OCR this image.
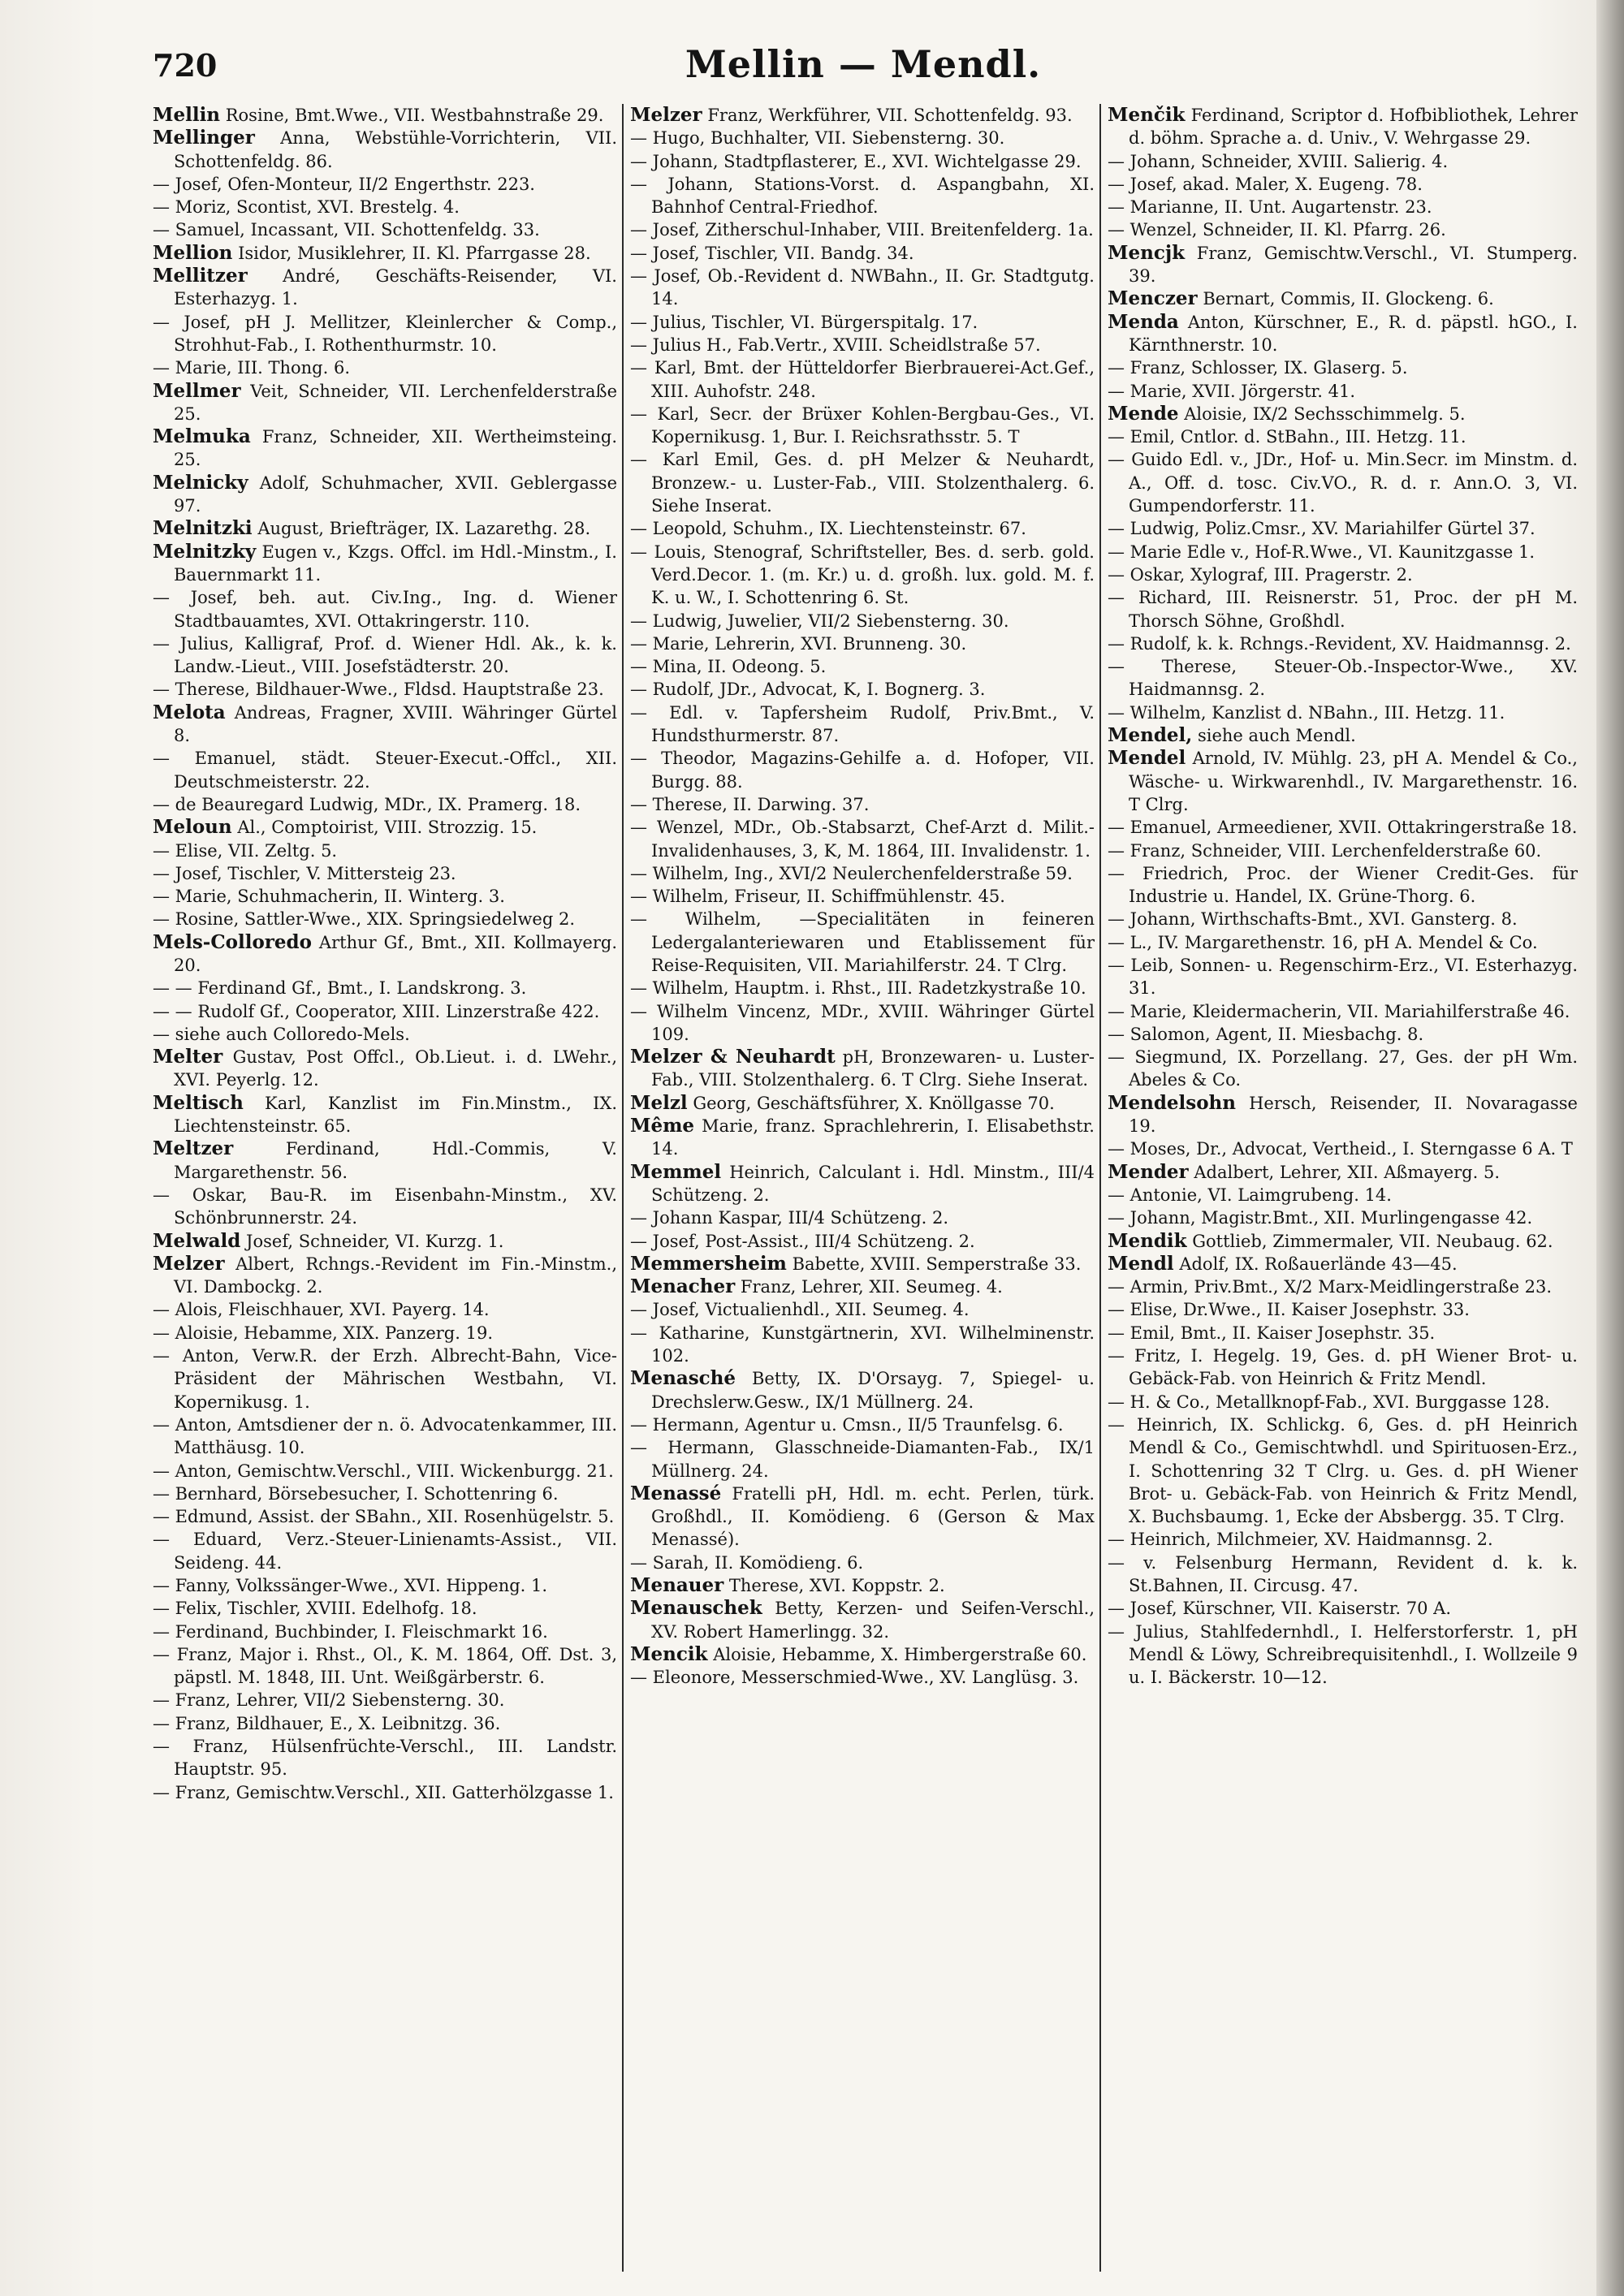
720	Mellin — Mendl.

Mellin Rosine, Bmt.Wwe., VII. Westbahnstraße 29.

Mellinger Anna, Webstühle-Vorrichterin, VII. Schottenfeldg. 86.

— Josef, Ofen-Monteur, II/2 Engerthstr. 223.

— Moriz, Scontist, XVI. Brestelg. 4.

— Samuel, Incassant, VII. Schottenfeldg. 33.

Mellion Isidor, Musiklehrer, II. Kl. Pfarrgasse 28.

Mellitzer André, Geschäfts-Reisender, VI. Esterhazyg. 1.

— Josef, pH J. Mellitzer, Kleinlercher & Comp., Strohhut-Fab., I. Rothenthurmstr. 10.

— Marie, III. Thong. 6.

Mellmer Veit, Schneider, VII. Lerchenfelderstraße 25.

Melmuka Franz, Schneider, XII. Wertheimsteing. 25.

Melnicky Adolf, Schuhmacher, XVII. Geblergasse 97.

Melnitzki August, Briefträger, IX. Lazarethg. 28.

Melnitzky Eugen v., Kzgs. Offcl. im Hdl.-Minstm., I. Bauernmarkt 11.

— Josef, beh. aut. Civ.Ing., Ing. d. Wiener Stadtbauamtes, XVI. Ottakringerstr. 110.

— Julius, Kalligraf, Prof. d. Wiener Hdl. Ak., k. k. Landw.-Lieut., VIII. Josefstädterstr. 20.

— Therese, Bildhauer-Wwe., Fldsd. Hauptstraße 23.

Melota Andreas, Fragner, XVIII. Währinger Gürtel 8.

— Emanuel, städt. Steuer-Execut.-Offcl., XII. Deutschmeisterstr. 22.

— de Beauregard Ludwig, MDr., IX. Pramerg. 18.

Meloun Al., Comptoirist, VIII. Strozzig. 15.

— Elise, VII. Zeltg. 5.

— Josef, Tischler, V. Mittersteig 23.

— Marie, Schuhmacherin, II. Winterg. 3.

— Rosine, Sattler-Wwe., XIX. Springsiedelweg 2.

Mels-Colloredo Arthur Gf., Bmt., XII. Kollmayerg. 20.

— — Ferdinand Gf., Bmt., I. Landskrong. 3.

— — Rudolf Gf., Cooperator, XIII. Linzerstraße 422.

— siehe auch Colloredo-Mels.

Melter Gustav, Post Offcl., Ob.Lieut. i. d. LWehr., XVI. Peyerlg. 12.

Meltisch Karl, Kanzlist im Fin.Minstm., IX. Liechtensteinstr. 65.

Meltzer	Ferdinand, Hdl.-Commis, V. Margarethenstr. 56.

— Oskar, Bau-R. im Eisenbahn-Minstm., XV. Schönbrunnerstr. 24.

Melwald Josef, Schneider, VI. Kurzg. 1.

Melzer Albert, Rchngs.-Revident im Fin.-Minstm., VI. Dambockg. 2.

— Alois, Fleischhauer, XVI. Payerg. 14.

— Aloisie, Hebamme, XIX. Panzerg. 19.

— Anton, Verw.R. der Erzh. Albrecht-Bahn, Vice-Präsident der Mährischen Westbahn, VI. Kopernikusg. 1.

— Anton, Amtsdiener der n. ö. Advocatenkammer, III. Matthäusg. 10.

— Anton, Gemischtw.Verschl., VIII. Wickenburgg. 21.

— Bernhard, Börsebesucher, I. Schottenring 6.

— Edmund, Assist. der SBahn., XII. Rosenhügelstr. 5.

— Eduard, Verz.-Steuer-Linienamts-Assist., VII. Seideng. 44.

— Fanny, Volkssänger-Wwe., XVI. Hippeng. 1.

— Felix, Tischler, XVIII. Edelhofg. 18.

— Ferdinand, Buchbinder, I. Fleischmarkt 16.

— Franz, Major i. Rhst., Ol., K. M. 1864, Off. Dst. 3, päpstl. M. 1848, III. Unt. Weißgärberstr. 6.

— Franz, Lehrer, VII/2 Siebensterng. 30.

— Franz, Bildhauer, E., X. Leibnitzg. 36.

— Franz, Hülsenfrüchte-Verschl., III. Landstr. Hauptstr. 95.

— Franz, Gemischtw.Verschl., XII. Gatterhölzgasse 1.

Melzer Franz, Werkführer, VII. Schottenfeldg. 93.

— Hugo, Buchhalter, VII. Siebensterng. 30.

— Johann, Stadtpflasterer, E., XVI. Wichtelgasse 29.

— Johann, Stations-Vorst. d. Aspangbahn, XI. Bahnhof Central-Friedhof.

— Josef, Zitherschul-Inhaber, VIII. Breitenfelderg. 1a.

— Josef, Tischler, VII. Bandg. 34.

— Josef, Ob.-Revident d. NWBahn., II. Gr. Stadtgutg. 14.

— Julius, Tischler, VI. Bürgerspitalg. 17.

— Julius H., Fab.Vertr., XVIII. Scheidlstraße 57.

— Karl, Bmt. der Hütteldorfer Bierbrauerei-Act.Gef., XIII. Auhofstr. 248.

— Karl, Secr. der Brüxer Kohlen-Bergbau-Ges., VI. Kopernikusg. 1, Bur. I. Reichsrathsstr. 5. T

— Karl Emil, Ges. d. pH Melzer & Neuhardt, Bronzew.- u. Luster-Fab., VIII. Stolzenthalerg. 6. Siehe Inserat.

— Leopold, Schuhm., IX. Liechtensteinstr. 67.

— Louis, Stenograf, Schriftsteller, Bes. d. serb. gold. Verd.Decor. 1. (m. Kr.) u. d. großh. lux. gold. M. f. K. u. W., I. Schottenring 6. St.

— Ludwig, Juwelier, VII/2 Siebensterng. 30.

— Marie, Lehrerin, XVI. Brunneng. 30.

— Mina, II. Odeong. 5.

— Rudolf, JDr., Advocat, K, I. Bognerg. 3.

— Edl. v. Tapfersheim Rudolf, Priv.Bmt., V. Hundsthurmerstr. 87.

— Theodor, Magazins-Gehilfe a. d. Hofoper, VII. Burgg. 88.

— Therese, II. Darwing. 37.

— Wenzel, MDr., Ob.-Stabsarzt, Chef-Arzt d. Milit.-Invalidenhauses, 3, K, M. 1864, III. Invalidenstr. 1.

— Wilhelm, Ing., XVI/2 Neulerchenfelderstraße 59.

— Wilhelm, Friseur, II. Schiffmühlenstr. 45.

— Wilhelm, —Specialitäten in feineren Ledergalanteriewaren und Etablissement für Reise-Requisiten, VII. Mariahilferstr. 24. T Clrg.

— Wilhelm, Hauptm. i. Rhst., III. Radetzkystraße 10.

— Wilhelm Vincenz, MDr., XVIII. Währinger Gürtel 109.

Melzer & Neuhardt pH, Bronzewaren- u. Luster-Fab., VIII. Stolzenthalerg. 6. T Clrg. Siehe Inserat.

Melzl Georg, Geschäftsführer, X. Knöllgasse 70.

Même Marie, franz. Sprachlehrerin, I. Elisabethstr. 14.

Memmel Heinrich, Calculant i. Hdl. Minstm., III/4 Schützeng. 2.

— Johann Kaspar, III/4 Schützeng. 2.

— Josef, Post-Assist., III/4 Schützeng. 2.

Memmersheim Babette, XVIII. Semperstraße 33.

Menacher Franz, Lehrer, XII. Seumeg. 4.

— Josef, Victualienhdl., XII. Seumeg. 4.

— Katharine, Kunstgärtnerin, XVI. Wilhelminenstr. 102.

Menasché Betty, IX. D'Orsayg. 7, Spiegel- u. Drechslerw.Gesw., IX/1 Müllnerg. 24.

— Hermann, Agentur u. Cmsn., II/5 Traunfelsg. 6.

— Hermann, Glasschneide-Diamanten-Fab., IX/1 Müllnerg. 24.

Menassé Fratelli pH, Hdl. m. echt. Perlen, türk. Großhdl., II. Komödieng. 6 (Gerson & Max Menassé).

— Sarah, II. Komödieng. 6.

Menauer Therese, XVI. Koppstr. 2.

Menauschek Betty, Kerzen- und Seifen-Verschl., XV. Robert Hamerlingg. 32.

Mencik Aloisie, Hebamme, X. Himbergerstraße 60.

— Eleonore, Messerschmied-Wwe., XV. Langlüsg. 3.

Menčik Ferdinand, Scriptor d. Hofbibliothek, Lehrer d. böhm. Sprache a. d. Univ., V. Wehrgasse 29.

— Johann, Schneider, XVIII. Salierig. 4.

— Josef, akad. Maler, X. Eugeng. 78.

— Marianne, II. Unt. Augartenstr. 23.

— Wenzel, Schneider, II. Kl. Pfarrg. 26.

Mencjk Franz, Gemischtw.Verschl., VI. Stumperg. 39.

Menczer Bernart, Commis, II. Glockeng. 6.

Menda Anton, Kürschner, E., R. d. päpstl. hGO., I. Kärnthnerstr. 10.

— Franz, Schlosser, IX. Glaserg. 5.

— Marie, XVII. Jörgerstr. 41.

Mende Aloisie, IX/2 Sechsschimmelg. 5.

— Emil, Cntlor. d. StBahn., III. Hetzg. 11.

— Guido Edl. v., JDr., Hof- u. Min.Secr. im Minstm. d. A., Off. d. tosc. Civ.VO., R. d. r. Ann.O. 3, VI. Gumpendorferstr. 11.

— Ludwig, Poliz.Cmsr., XV. Mariahilfer Gürtel 37.

— Marie Edle v., Hof-R.Wwe., VI. Kaunitzgasse 1.

— Oskar, Xylograf, III. Pragerstr. 2.

— Richard, III. Reisnerstr. 51, Proc. der pH M. Thorsch Söhne, Großhdl.

— Rudolf, k. k. Rchngs.-Revident, XV. Haidmannsg. 2.

— Therese, Steuer-Ob.-Inspector-Wwe., XV. Haidmannsg. 2.

— Wilhelm, Kanzlist d. NBahn., III. Hetzg. 11.

Mendel, siehe auch Mendl.

Mendel Arnold, IV. Mühlg. 23, pH A. Mendel & Co., Wäsche- u. Wirkwarenhdl., IV. Margarethenstr. 16. T Clrg.

— Emanuel, Armeediener, XVII. Ottakringerstraße 18.

— Franz, Schneider, VIII. Lerchenfelderstraße 60.

— Friedrich, Proc. der Wiener Credit-Ges. für Industrie u. Handel, IX. Grüne-Thorg. 6.

— Johann, Wirthschafts-Bmt., XVI. Gansterg. 8.

— L., IV. Margarethenstr. 16, pH A. Mendel & Co.

— Leib, Sonnen- u. Regenschirm-Erz., VI. Esterhazyg. 31.

— Marie, Kleidermacherin, VII. Mariahilferstraße 46.

— Salomon, Agent, II. Miesbachg. 8.

— Siegmund, IX. Porzellang. 27, Ges. der pH Wm. Abeles & Co.

Mendelsohn Hersch, Reisender, II. Novaragasse 19.

— Moses, Dr., Advocat, Vertheid., I. Sterngasse 6 A. T

Mender Adalbert, Lehrer, XII. Aßmayerg. 5.

— Antonie, VI. Laimgrubeng. 14.

— Johann, Magistr.Bmt., XII. Murlingengasse 42.

Mendik Gottlieb, Zimmermaler, VII. Neubaug. 62.

Mendl Adolf, IX. Roßauerlände 43—45.

— Armin, Priv.Bmt., X/2 Marx-Meidlingerstraße 23.

— Elise, Dr.Wwe., II. Kaiser Josephstr. 33.

— Emil, Bmt., II. Kaiser Josephstr. 35.

— Fritz, I. Hegelg. 19, Ges. d. pH Wiener Brot- u. Gebäck-Fab. von Heinrich & Fritz Mendl.

— H. & Co., Metallknopf-Fab., XVI. Burggasse 128.

— Heinrich, IX. Schlickg. 6, Ges. d. pH Heinrich Mendl & Co., Gemischtwhdl. und Spirituosen-Erz., I. Schottenring 32 T Clrg. u. Ges. d. pH Wiener Brot- u. Gebäck-Fab. von Heinrich & Fritz Mendl, X. Buchsbaumg. 1, Ecke der Absbergg. 35. T Clrg.

— Heinrich, Milchmeier, XV. Haidmannsg. 2.

— v. Felsenburg Hermann, Revident d. k. k. St.Bahnen, II. Circusg. 47.

— Josef, Kürschner, VII. Kaiserstr. 70 A.

— Julius, Stahlfedernhdl., I. Helferstorferstr. 1, pH Mendl & Löwy, Schreibrequisitenhdl., I. Wollzeile 9 u. I. Bäckerstr. 10—12.
